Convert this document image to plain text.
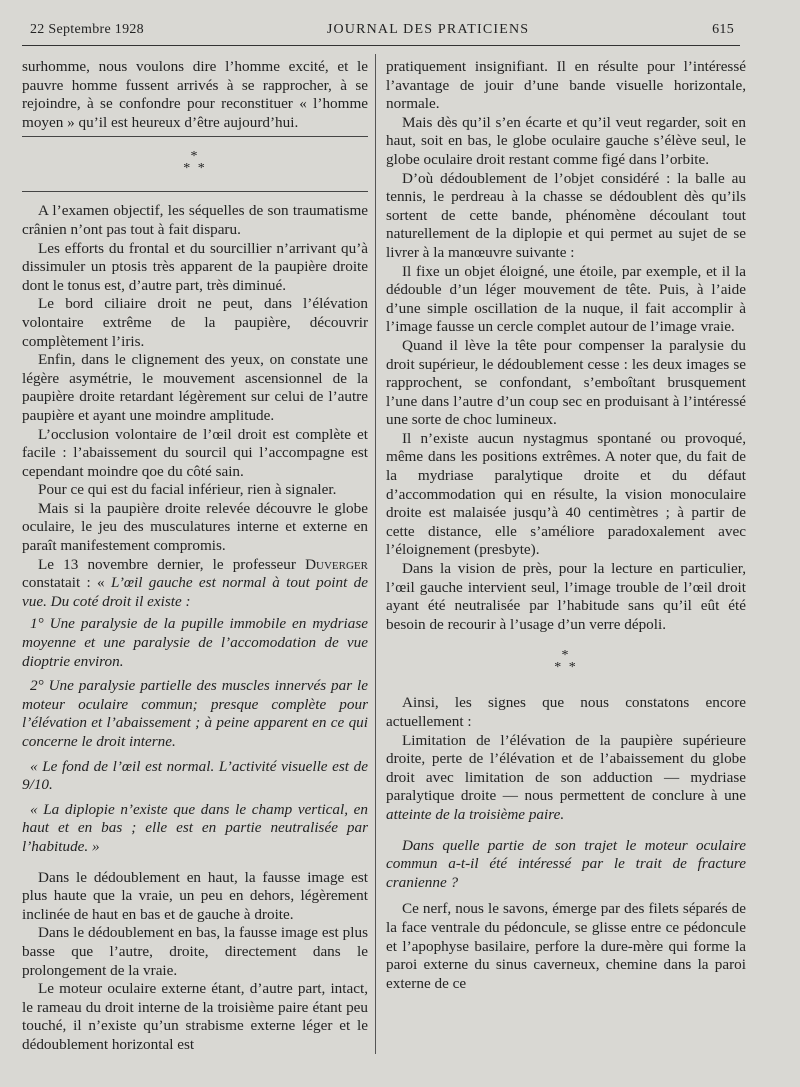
22 Septembre 1928	JOURNAL DES PRATICIENS	615

surhomme, nous voulons dire l’homme excité, et le pauvre homme fussent arrivés à se rapprocher, à se rejoindre, à se confondre pour reconstituer « l’homme moyen » qu’il est heureux d’être aujourd’hui.

*
* *

A l’examen objectif, les séquelles de son traumatisme crânien n’ont pas tout à fait disparu.

Les efforts du frontal et du sourcillier n’arrivant qu’à dissimuler un ptosis très apparent de la paupière droite dont le tonus est, d’autre part, très diminué.

Le bord ciliaire droit ne peut, dans l’élévation volontaire extrême de la paupière, découvrir complètement l’iris.

Enfin, dans le clignement des yeux, on constate une légère asymétrie, le mouvement ascensionnel de la paupière droite retardant légèrement sur celui de l’autre paupière et ayant une moindre amplitude.

L’occlusion volontaire de l’œil droit est complète et facile : l’abaissement du sourcil qui l’accompagne est cependant moindre qoe du côté sain.

Pour ce qui est du facial inférieur, rien à signaler.

Mais si la paupière droite relevée découvre le globe oculaire, le jeu des musculatures interne et externe en paraît manifestement compromis.

Le 13 novembre dernier, le professeur Duverger constatait : « L’œil gauche est normal à tout point de vue. Du coté droit il existe :

1° Une paralysie de la pupille immobile en mydriase moyenne et une paralysie de l’accomodation de vue dioptrie environ.

2° Une paralysie partielle des muscles innervés par le moteur oculaire commun; presque complète pour l’élévation et l’abaissement ; à peine apparent en ce qui concerne le droit interne.

« Le fond de l’œil est normal. L’activité visuelle est de 9/10.

« La diplopie n’existe que dans le champ vertical, en haut et en bas ; elle est en partie neutralisée par l’habitude. »

Dans le dédoublement en haut, la fausse image est plus haute que la vraie, un peu en dehors, légèrement inclinée de haut en bas et de gauche à droite.

Dans le dédoublement en bas, la fausse image est plus basse que l’autre, droite, directement dans le prolongement de la vraie.

Le moteur oculaire externe étant, d’autre part, intact, le rameau du droit interne de la troisième paire étant peu touché, il n’existe qu’un strabisme externe léger et le dédoublement horizontal est

pratiquement insignifiant. Il en résulte pour l’intéressé l’avantage de jouir d’une bande visuelle horizontale, normale.

Mais dès qu’il s’en écarte et qu’il veut regarder, soit en haut, soit en bas, le globe oculaire gauche s’élève seul, le globe oculaire droit restant comme figé dans l’orbite.

D’où dédoublement de l’objet considéré : la balle au tennis, le perdreau à la chasse se dédoublent dès qu’ils sortent de cette bande, phénomène découlant tout naturellement de la diplopie et qui permet au sujet de se livrer à la manœuvre suivante :

Il fixe un objet éloigné, une étoile, par exemple, et il la dédouble d’un léger mouvement de tête. Puis, à l’aide d’une simple oscillation de la nuque, il fait accomplir à l’image fausse un cercle complet autour de l’image vraie.

Quand il lève la tête pour compenser la paralysie du droit supérieur, le dédoublement cesse : les deux images se rapprochent, se confondant, s’emboîtant brusquement l’une dans l’autre d’un coup sec en produisant à l’intéressé une sorte de choc lumineux.

Il n’existe aucun nystagmus spontané ou provoqué, même dans les positions extrêmes. A noter que, du fait de la mydriase paralytique droite et du défaut d’accommodation qui en résulte, la vision monoculaire droite est malaisée jusqu’à 40 centimètres ; à partir de cette distance, elle s’améliore paradoxalement avec l’éloignement (presbyte).

Dans la vision de près, pour la lecture en particulier, l’œil gauche intervient seul, l’image trouble de l’œil droit ayant été neutralisée par l’habitude sans qu’il eût été besoin de recourir à l’usage d’un verre dépoli.

*
* *

Ainsi, les signes que nous constatons encore actuellement :

Limitation de l’élévation de la paupière supérieure droite, perte de l’élévation et de l’abaissement du globe droit avec limitation de son adduction — mydriase paralytique droite — nous permettent de conclure à une atteinte de la troisième paire.

Dans quelle partie de son trajet le moteur oculaire commun a-t-il été intéressé par le trait de fracture cranienne ?

Ce nerf, nous le savons, émerge par des filets séparés de la face ventrale du pédoncule, se glisse entre ce pédoncule et l’apophyse basilaire, perfore la dure-mère qui forme la paroi externe du sinus caverneux, chemine dans la paroi externe de ce
